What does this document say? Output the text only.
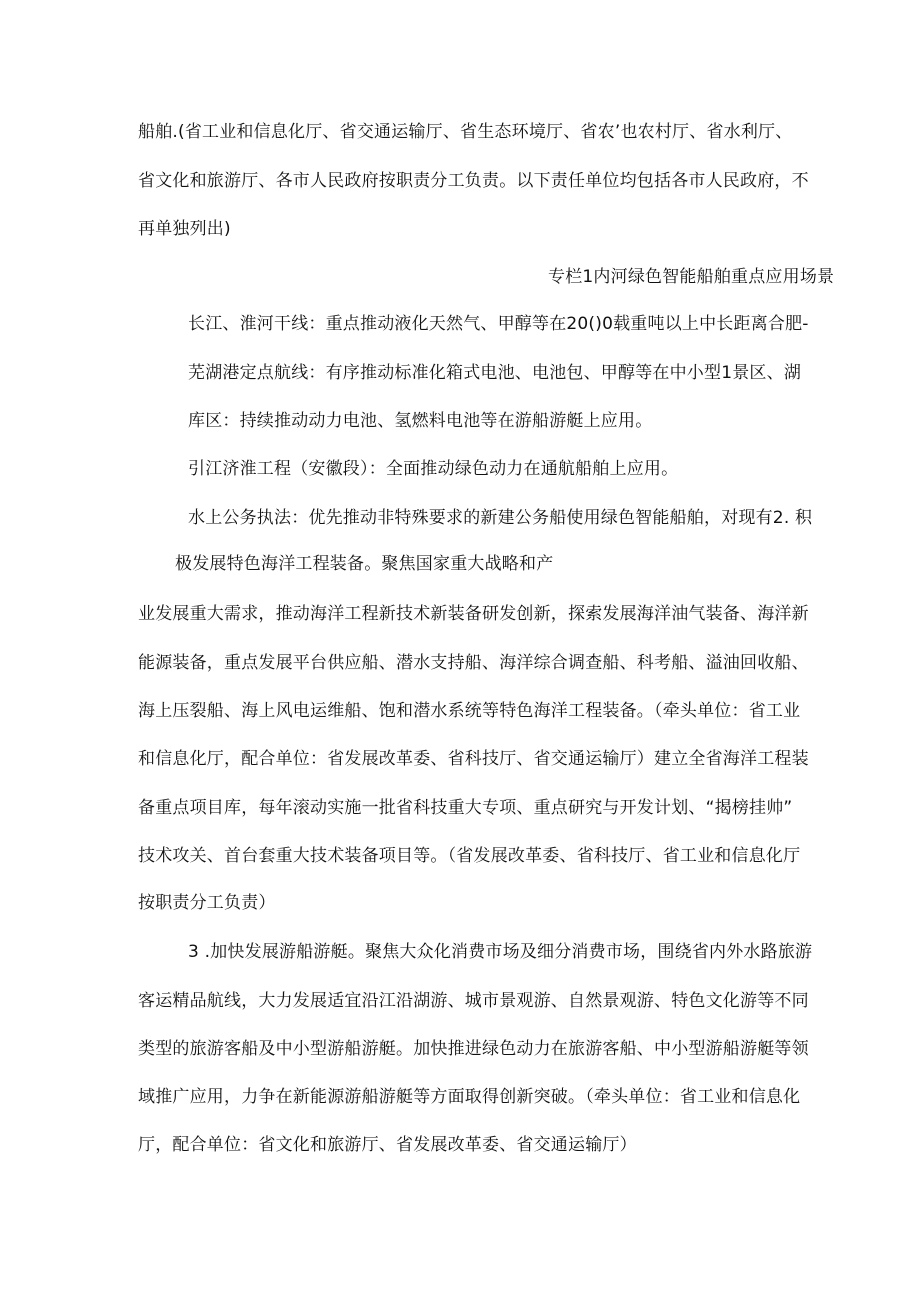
船舶.(省工业和信息化厅、省交通运输厅、省生态环境厅、省农’也农村厅、省水利厅、
省文化和旅游厅、各市人民政府按职责分工负责。以下责任单位均包括各市人民政府，不
再单独列出)
专栏1内河绿色智能船舶重点应用场景
长江、淮河干线：重点推动液化天然气、甲醇等在20()0载重吨以上中长距离合肥-
芜湖港定点航线：有序推动标准化箱式电池、电池包、甲醇等在中小型1景区、湖
库区：持续推动动力电池、氢燃料电池等在游船游艇上应用。
引江济淮工程（安徽段）：全面推动绿色动力在通航船舶上应用。
水上公务执法：优先推动非特殊要求的新建公务船使用绿色智能船舶，对现有2. 积
极发展特色海洋工程装备。聚焦国家重大战略和产
业发展重大需求，推动海洋工程新技术新装备研发创新，探索发展海洋油气装备、海洋新
能源装备，重点发展平台供应船、潜水支持船、海洋综合调查船、科考船、溢油回收船、
海上压裂船、海上风电运维船、饱和潜水系统等特色海洋工程装备。（牵头单位：省工业
和信息化厅，配合单位：省发展改革委、省科技厅、省交通运输厅）建立全省海洋工程装
备重点项目库，每年滚动实施一批省科技重大专项、重点研究与开发计划、“揭榜挂帅”
技术攻关、首台套重大技术装备项目等。（省发展改革委、省科技厅、省工业和信息化厅
按职责分工负责）
3 .加快发展游船游艇。聚焦大众化消费市场及细分消费市场，围绕省内外水路旅游
客运精品航线，大力发展适宜沿江沿湖游、城市景观游、自然景观游、特色文化游等不同
类型的旅游客船及中小型游船游艇。加快推进绿色动力在旅游客船、中小型游船游艇等领
域推广应用，力争在新能源游船游艇等方面取得创新突破。（牵头单位：省工业和信息化
厅，配合单位：省文化和旅游厅、省发展改革委、省交通运输厅）
